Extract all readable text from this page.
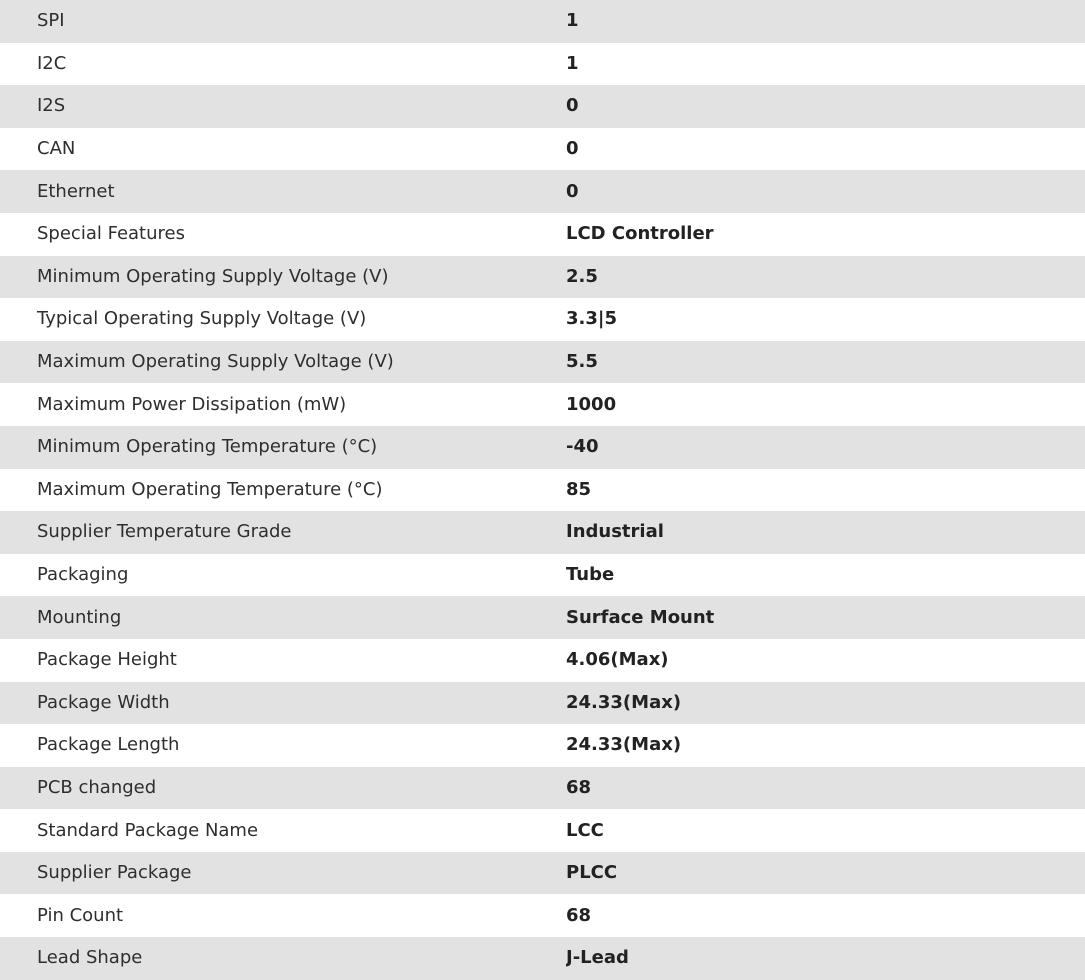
SPI	1
I2C	1
I2S	0
CAN	0
Ethernet	0
Special Features	LCD Controller
Minimum Operating Supply Voltage (V)	2.5
Typical Operating Supply Voltage (V)	3.3|5
Maximum Operating Supply Voltage (V)	5.5
Maximum Power Dissipation (mW)	1000
Minimum Operating Temperature (°C)	-40
Maximum Operating Temperature (°C)	85
Supplier Temperature Grade	Industrial
Packaging	Tube
Mounting	Surface Mount
Package Height	4.06(Max)
Package Width	24.33(Max)
Package Length	24.33(Max)
PCB changed	68
Standard Package Name	LCC
Supplier Package	PLCC
Pin Count	68
Lead Shape	J-Lead
